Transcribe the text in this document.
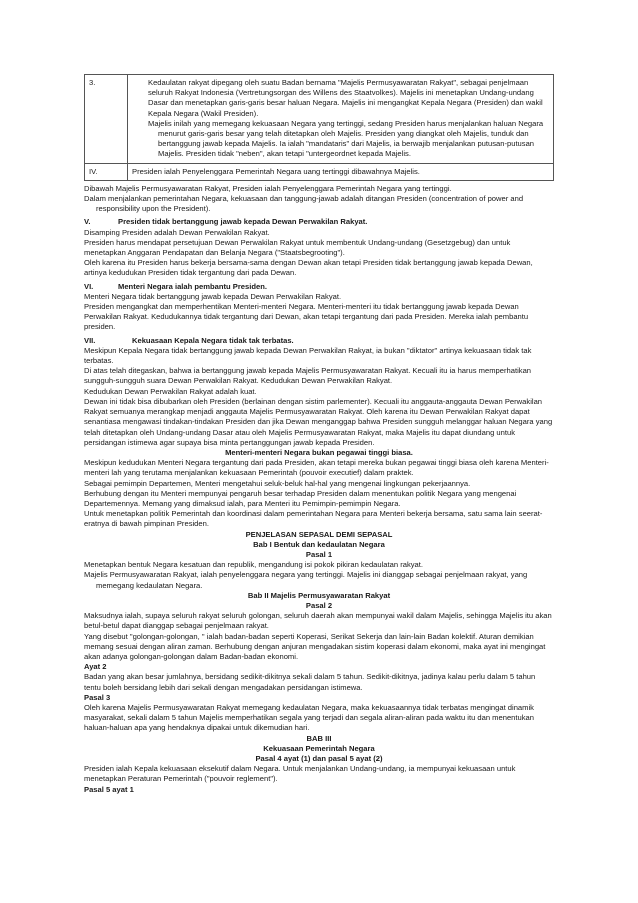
3.	Kedaulatan rakyat dipegang oleh suatu Badan bernama "Majelis Permusyawaratan Rakyat", sebagai penjelmaan seluruh Rakyat Indonesia (Vertretungsorgan des Willens des Staatvolkes). Majelis ini menetapkan Undang-undang Dasar dan menetapkan garis-garis besar haluan Negara. Majelis ini mengangkat Kepala Negara (Presiden) dan wakil Kepala Negara (Wakil Presiden).

Majelis inilah yang memegang kekuasaan Negara yang tertinggi, sedang Presiden harus menjalankan haluan Negara menurut garis-garis besar yang telah ditetapkan oleh Majelis. Presiden yang diangkat oleh Majelis, tunduk dan bertanggung jawab kepada Majelis. Ia ialah "mandataris" dari Majelis, ia berwajib menjalankan putusan-putusan Majelis. Presiden tidak "neben", akan tetapi "untergeordnet kepada Majelis.

IV.	Presiden ialah Penyelenggara Pemerintah Negara uang tertinggi dibawahnya Majelis.

Dibawah Majelis Permusyawaratan Rakyat, Presiden ialah Penyelenggara Pemerintah Negara yang tertinggi.

Dalam menjalankan pemerintahan Negara, kekuasaan dan tanggung-jawab adalah ditangan Presiden (concentration of power and responsibility upon the President).

V.	Presiden tidak bertanggung jawab kepada Dewan Perwakilan Rakyat.

Disamping Presiden adalah Dewan Perwakilan Rakyat.

Presiden harus mendapat persetujuan Dewan Perwakilan Rakyat untuk membentuk Undang-undang (Gesetzgebug) dan untuk menetapkan Anggaran Pendapatan dan Belanja Negara ("Staatsbegrooting").

Oleh karena itu Presiden harus bekerja bersama-sama dengan Dewan akan tetapi Presiden tidak bertanggung jawab kepada Dewan, artinya kedudukan Presiden tidak tergantung dari pada Dewan.

VI.	Menteri Negara ialah pembantu Presiden.

Menteri Negara tidak bertanggung jawab kepada Dewan Perwakilan Rakyat.

Presiden mengangkat dan memperhentikan Menteri-menteri Negara. Menteri-menteri itu tidak bertanggung jawab kepada Dewan Perwakilan Rakyat. Kedudukannya tidak tergantung dari Dewan, akan tetapi tergantung dari pada Presiden. Mereka ialah pembantu presiden.

VII.	Kekuasaan Kepala Negara tidak tak terbatas.

Meskipun Kepala Negara tidak bertanggung jawab kepada Dewan Perwakilan Rakyat, ia bukan "diktator" artinya kekuasaan tidak tak terbatas.

Di atas telah ditegaskan, bahwa ia bertanggung jawab kepada Majelis Permusyawaratan Rakyat. Kecuali itu ia harus memperhatikan sungguh-sungguh suara Dewan Perwakilan Rakyat. Kedudukan Dewan Perwakilan Rakyat.

Kedudukan Dewan Perwakilan Rakyat adalah kuat.

Dewan ini tidak bisa dibubarkan oleh Presiden (berlainan dengan sistim parlementer). Kecuali itu anggauta-anggauta Dewan Perwakilan Rakyat semuanya merangkap menjadi anggauta Majelis Permusyawaratan Rakyat. Oleh karena itu Dewan Perwakilan Rakyat dapat senantiasa mengawasi tindakan-tindakan Presiden dan jika Dewan menganggap bahwa Presiden sungguh melanggar haluan Negara yang telah ditetapkan oleh Undang-undang Dasar atau oleh Majelis Permusyawaratan Rakyat, maka Majelis itu dapat diundang untuk persidangan istimewa agar supaya bisa minta pertanggungan jawab kepada Presiden.

Menteri-menteri Negara bukan pegawai tinggi biasa.

Meskipun kedudukan Menteri Negara tergantung dari pada Presiden, akan tetapi mereka bukan pegawai tinggi biasa oleh karena Menteri-menteri lah yang terutama menjalankan kekuasaan Pemerintah (pouvoir executief) dalam praktek.

Sebagai pemimpin Departemen, Menteri mengetahui seluk-beluk hal-hal yang mengenai lingkungan pekerjaannya.

Berhubung dengan itu Menteri mempunyai pengaruh besar terhadap Presiden dalam menentukan politik Negara yang mengenai Departemennya. Memang yang dimaksud ialah, para Menteri itu Pemimpin-pemimpin Negara.

Untuk menetapkan politik Pemerintah dan koordinasi dalam pemerintahan Negara para Menteri bekerja bersama, satu sama lain seerat-eratnya di bawah pimpinan Presiden.

PENJELASAN SEPASAL DEMI SEPASAL

Bab I Bentuk dan kedaulatan Negara

Pasal 1

Menetapkan bentuk Negara kesatuan dan republik, mengandung isi pokok pikiran kedaulatan rakyat.

Majelis Permusyawaratan Rakyat, ialah penyelenggara negara yang tertinggi. Majelis ini dianggap sebagai penjelmaan rakyat, yang memegang kedaulatan Negara.

Bab II Majelis Permusyawaratan Rakyat

Pasal 2

Maksudnya ialah, supaya seluruh rakyat seluruh golongan, seluruh daerah akan mempunyai wakil dalam Majelis, sehingga Majelis itu akan betul-betul dapat dianggap sebagai penjelmaan rakyat.

Yang disebut "golongan-golongan, " ialah badan-badan seperti Koperasi, Serikat Sekerja dan lain-lain Badan kolektif. Aturan demikian memang sesuai dengan aliran zaman. Berhubung dengan anjuran mengadakan sistim koperasi dalam ekonomi, maka ayat ini mengingat akan adanya golongan-golongan dalam Badan-badan ekonomi.

Ayat 2

Badan yang akan besar jumlahnya, bersidang sedikit-dikitnya sekali dalam 5 tahun. Sedikit-dikitnya, jadinya kalau perlu dalam 5 tahun tentu boleh bersidang lebih dari sekali dengan mengadakan persidangan istimewa.

Pasal 3

Oleh karena Majelis Permusyawaratan Rakyat memegang kedaulatan Negara, maka kekuasaannya tidak terbatas mengingat dinamik masyarakat, sekali dalam 5 tahun Majelis memperhatikan segala yang terjadi dan segala aliran-aliran pada waktu itu dan menentukan haluan-haluan apa yang hendaknya dipakai untuk dikemudian hari.

BAB III

Kekuasaan Pemerintah Negara

Pasal 4 ayat (1) dan pasal 5 ayat (2)

Presiden ialah Kepala kekuasaan eksekutif dalam Negara. Untuk menjalankan Undang-undang, ia mempunyai kekuasaan untuk menetapkan Peraturan Pemerintah ("pouvoir reglement").

Pasal 5 ayat 1
